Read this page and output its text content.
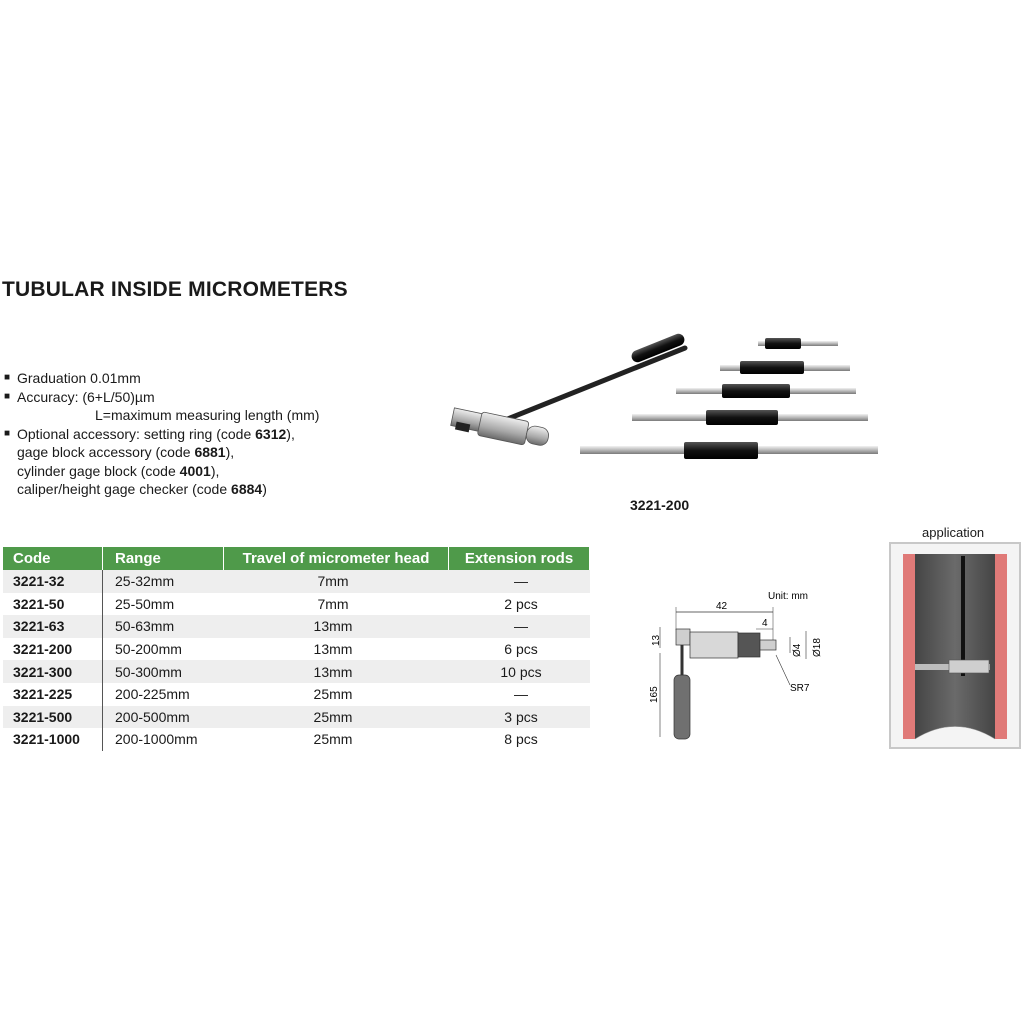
TUBULAR INSIDE MICROMETERS
■ Graduation 0.01mm
■ Accuracy: (6+L/50)µm
L=maximum measuring length (mm)
■ Optional accessory: setting ring (code 6312),
gage block accessory (code 6881),
cylinder gage block (code 4001),
caliper/height gage checker (code 6884)
3221-200
Code	Range	Travel of micrometer head	Extension rods
3221-32	25-32mm	7mm	—
3221-50	25-50mm	7mm	2 pcs
3221-63	50-63mm	13mm	—
3221-200	50-200mm	13mm	6 pcs
3221-300	50-300mm	13mm	10 pcs
3221-225	200-225mm	25mm	—
3221-500	200-500mm	25mm	3 pcs
3221-1000	200-1000mm	25mm	8 pcs
Unit: mm
42
4
13
165
Ø4 Ø18
SR7
application
